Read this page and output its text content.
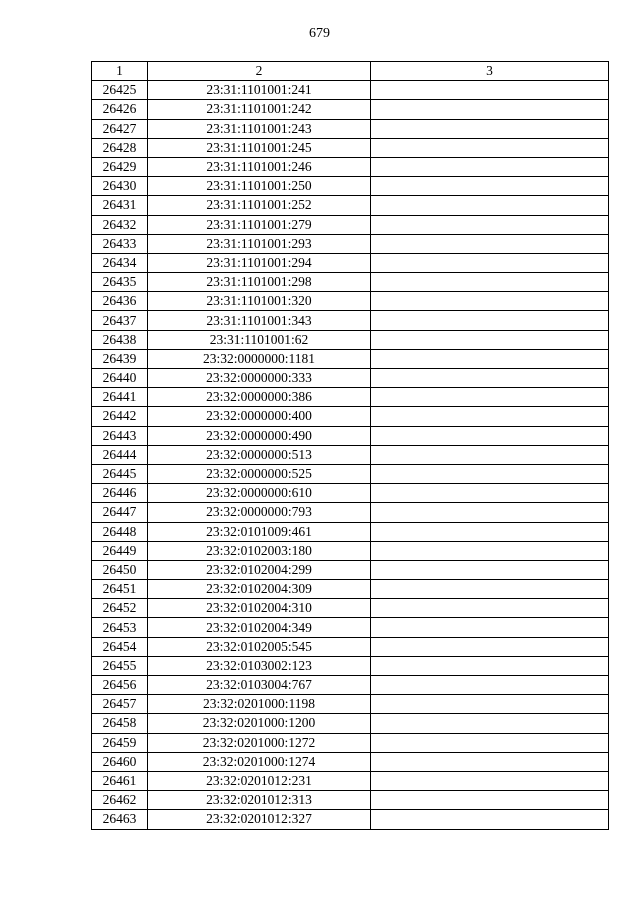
679
1	2	3
26425	23:31:1101001:241	
26426	23:31:1101001:242	
26427	23:31:1101001:243	
26428	23:31:1101001:245	
26429	23:31:1101001:246	
26430	23:31:1101001:250	
26431	23:31:1101001:252	
26432	23:31:1101001:279	
26433	23:31:1101001:293	
26434	23:31:1101001:294	
26435	23:31:1101001:298	
26436	23:31:1101001:320	
26437	23:31:1101001:343	
26438	23:31:1101001:62	
26439	23:32:0000000:1181	
26440	23:32:0000000:333	
26441	23:32:0000000:386	
26442	23:32:0000000:400	
26443	23:32:0000000:490	
26444	23:32:0000000:513	
26445	23:32:0000000:525	
26446	23:32:0000000:610	
26447	23:32:0000000:793	
26448	23:32:0101009:461	
26449	23:32:0102003:180	
26450	23:32:0102004:299	
26451	23:32:0102004:309	
26452	23:32:0102004:310	
26453	23:32:0102004:349	
26454	23:32:0102005:545	
26455	23:32:0103002:123	
26456	23:32:0103004:767	
26457	23:32:0201000:1198	
26458	23:32:0201000:1200	
26459	23:32:0201000:1272	
26460	23:32:0201000:1274	
26461	23:32:0201012:231	
26462	23:32:0201012:313	
26463	23:32:0201012:327	
